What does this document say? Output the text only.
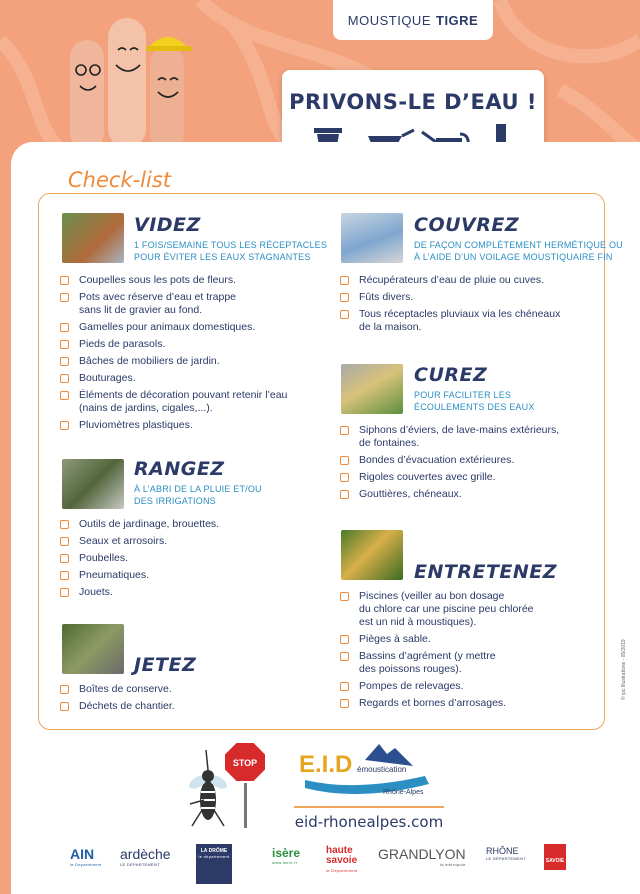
MOUSTIQUE TIGRE
PRIVONS-LE D’EAU !
Check-list
VIDEZ
1 FOIS/SEMAINE TOUS LES RÉCEPTACLES
POUR ÉVITER LES EAUX STAGNANTES
Coupelles sous les pots de fleurs.
Pots avec réserve d’eau et trappe
sans lit de gravier au fond.
Gamelles pour animaux domestiques.
Pieds de parasols.
Bâches de mobiliers de jardin.
Bouturages.
Éléments de décoration pouvant retenir l’eau
(nains de jardins, cigales,...).
Pluviomètres plastiques.
RANGEZ
À L’ABRI DE LA PLUIE ET/OU
DES IRRIGATIONS
Outils de jardinage, brouettes.
Seaux et arrosoirs.
Poubelles.
Pneumatiques.
Jouets.
JETEZ
Boîtes de conserve.
Déchets de chantier.
COUVREZ
DE FAÇON COMPLÈTEMENT HERMÉTIQUE OU
À L’AIDE D’UN VOILAGE MOUSTIQUAIRE FIN
Récupérateurs d’eau de pluie ou cuves.
Fûts divers.
Tous réceptacles pluviaux via les chéneaux
de la maison.
CUREZ
POUR FACILITER LES
ÉCOULEMENTS DES EAUX
Siphons d’éviers, de lave-mains extérieurs,
de fontaines.
Bondes d’évacuation extérieures.
Rigoles couvertes avec grille.
Gouttières, chéneaux.
ENTRETENEZ
Piscines (veiller au bon dosage
du chlore car une piscine peu chlorée
est un nid à moustiques).
Pièges à sable.
Bassins d’agrément (y mettre
des poissons rouges).
Pompes de relevages.
Regards et bornes d’arrosages.
© ipc Illustrations - 05/2019
STOP E.I.D émoustication
Rhône-Alpes
eid-rhonealpes.com
AIN
le Département
ardèche
LE DÉPARTEMENT
LA DRÔME
le département	isère
www.isere.fr
haute savoie
le Département
GRANDLYON
la métropole
RHÔNE
LE DÉPARTEMENT	SAVOIE
